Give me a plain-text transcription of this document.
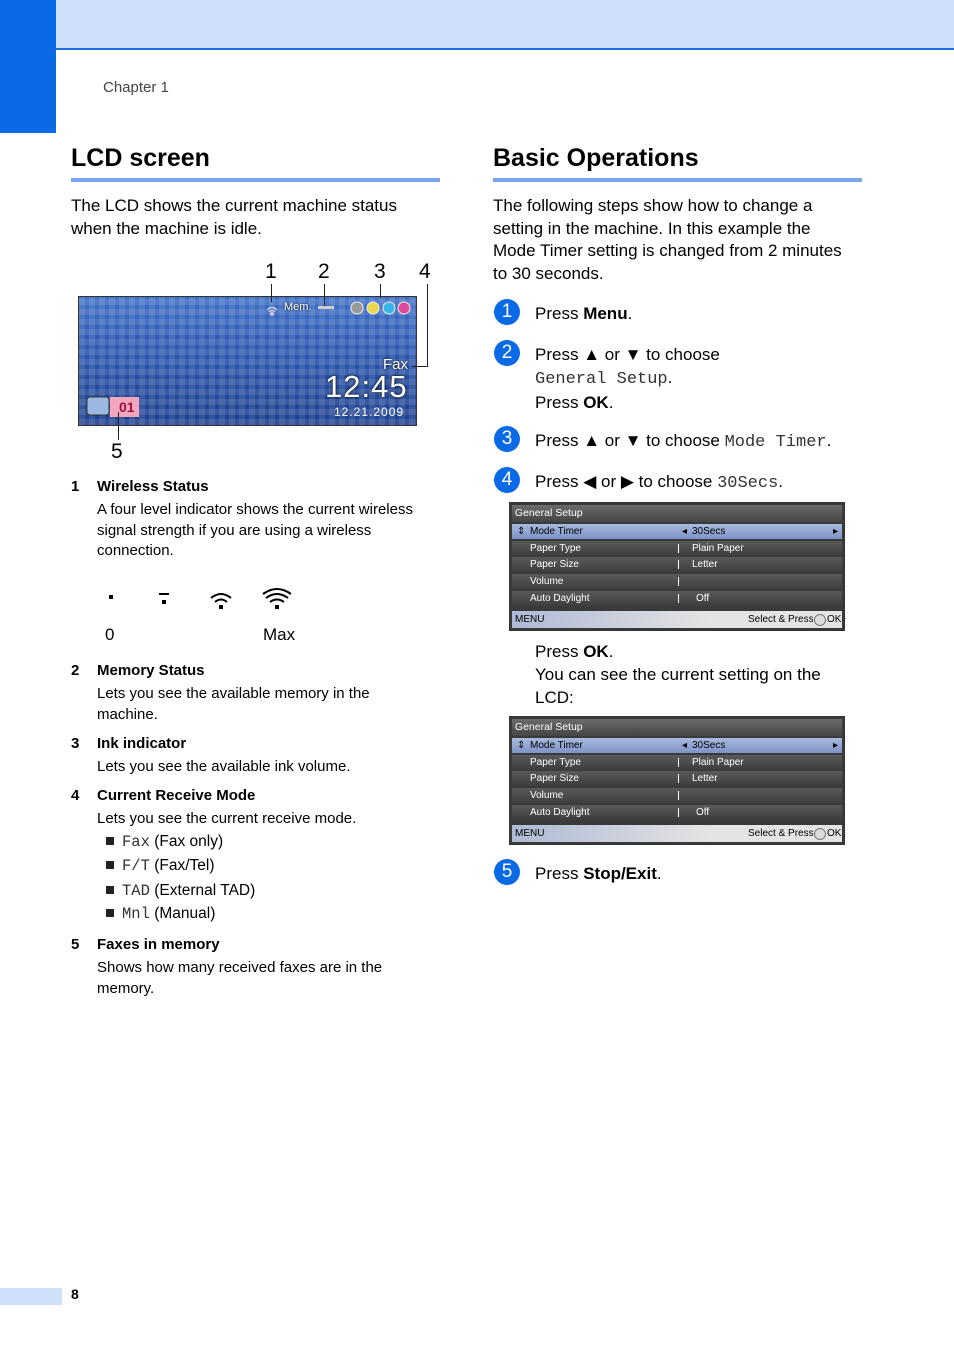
Chapter 1
LCD screen

The LCD shows the current machine status when the machine is idle.

1 2 3 4
5
Mem.
Fax
12:45
12.21.2009
01
1 Wireless Status
A four level indicator shows the current wireless signal strength if you are using a wireless connection.
0	Max
2 Memory Status
Lets you see the available memory in the machine.
3 Ink indicator
Lets you see the available ink volume.
4 Current Receive Mode
Lets you see the current receive mode.
Fax (Fax only)
F/T (Fax/Tel)
TAD (External TAD)
Mnl (Manual)
5 Faxes in memory
Shows how many received faxes are in the memory.
Basic Operations

The following steps show how to change a setting in the machine. In this example the Mode Timer setting is changed from 2 minutes to 30 seconds.

1	Press Menu.
2	Press ▲ or ▼ to choose
General Setup.
Press OK.
3	Press ▲ or ▼ to choose Mode Timer.
4	Press ◀ or ▶ to choose 30Secs.
General Setup
⇕ Mode Timer	◂ 30Secs	▸
Paper Type	Plain Paper
Paper Size	Letter
Volume
Auto Daylight	Off
MENU	Select & Press OK
Press OK.
You can see the current setting on the LCD:
General Setup
⇕ Mode Timer	◂ 30Secs	▸
Paper Type	Plain Paper
Paper Size	Letter
Volume
Auto Daylight	Off
MENU	Select & Press OK
5	Press Stop/Exit.
8
